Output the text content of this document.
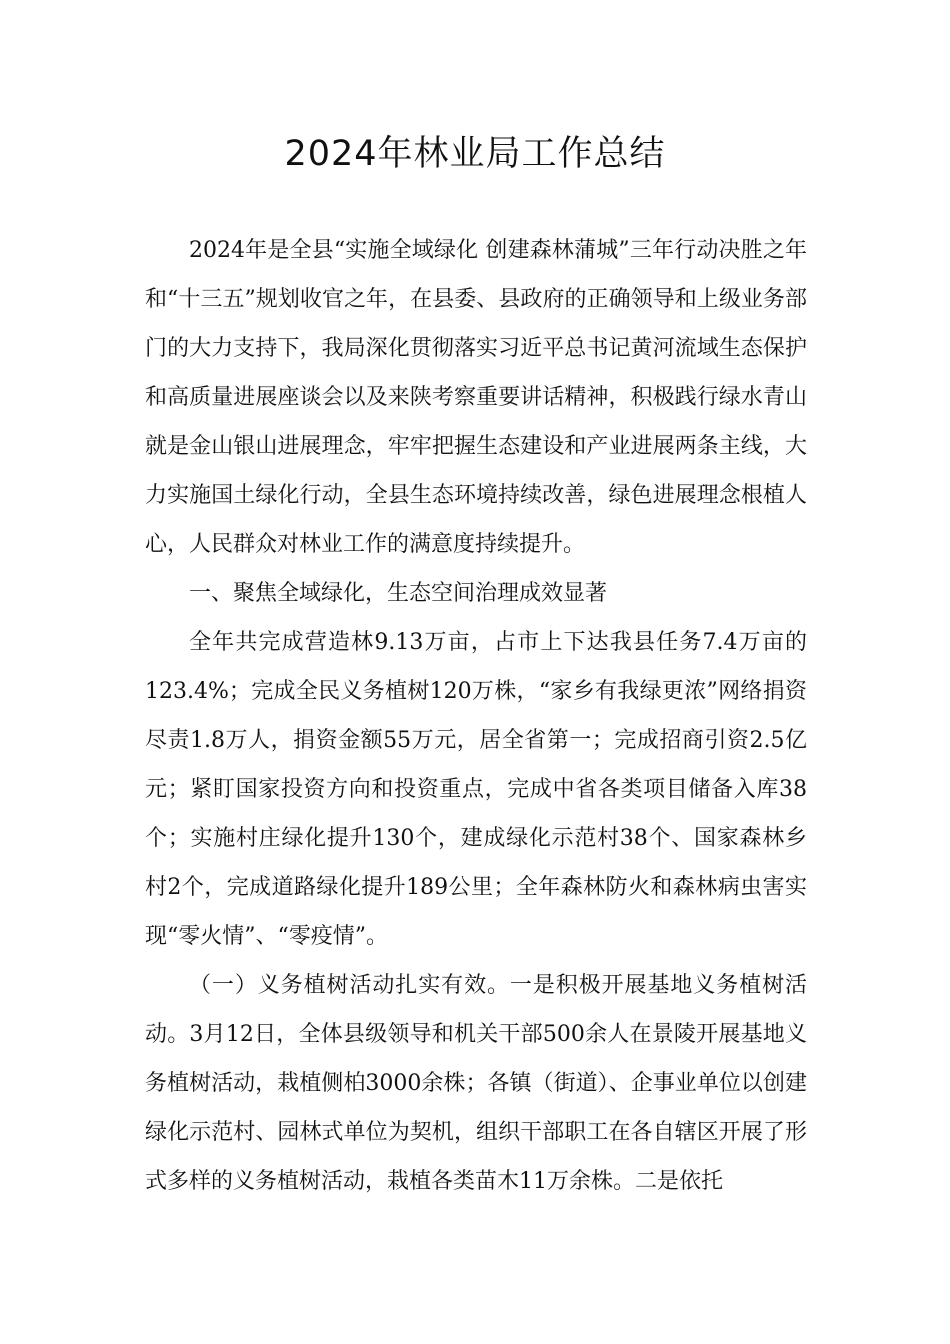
2024年林业局工作总结

2024年是全县“实施全域绿化 创建森林蒲城”三年行动决胜之年和“十三五”规划收官之年，在县委、县政府的正确领导和上级业务部门的大力支持下，我局深化贯彻落实习近平总书记黄河流域生态保护和高质量进展座谈会以及来陕考察重要讲话精神，积极践行绿水青山就是金山银山进展理念，牢牢把握生态建设和产业进展两条主线，大力实施国土绿化行动，全县生态环境持续改善，绿色进展理念根植人心，人民群众对林业工作的满意度持续提升。

一、聚焦全域绿化，生态空间治理成效显著

全年共完成营造林9.13万亩，占市上下达我县任务7.4万亩的123.4%；完成全民义务植树120万株，“家乡有我绿更浓”网络捐资尽责1.8万人，捐资金额55万元，居全省第一；完成招商引资2.5亿元；紧盯国家投资方向和投资重点，完成中省各类项目储备入库38个；实施村庄绿化提升130个，建成绿化示范村38个、国家森林乡村2个，完成道路绿化提升189公里；全年森林防火和森林病虫害实现“零火情”、“零疫情”。

（一）义务植树活动扎实有效。一是积极开展基地义务植树活动。3月12日，全体县级领导和机关干部500余人在景陵开展基地义务植树活动，栽植侧柏3000余株；各镇（街道）、企事业单位以创建绿化示范村、园林式单位为契机，组织干部职工在各自辖区开展了形式多样的义务植树活动，栽植各类苗木11万余株。二是依托
